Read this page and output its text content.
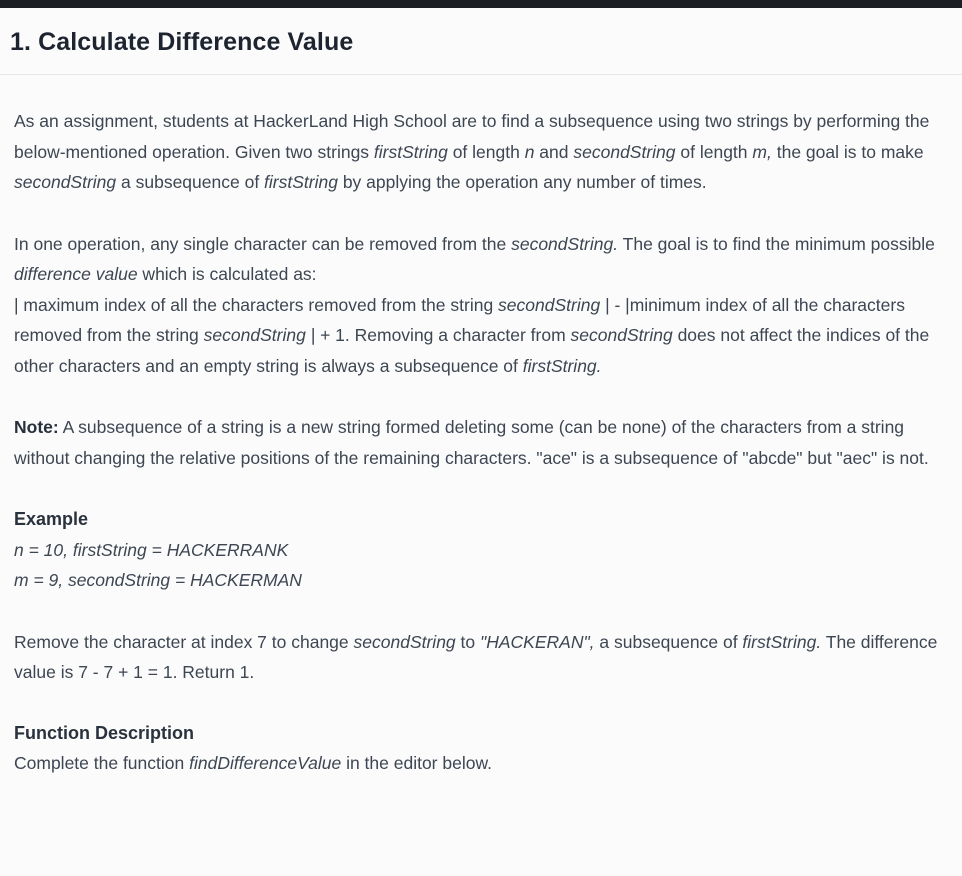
1. Calculate Difference Value

As an assignment, students at HackerLand High School are to find a subsequence using two strings by performing the below-mentioned operation. Given two strings firstString of length n and secondString of length m, the goal is to make secondString a subsequence of firstString by applying the operation any number of times.

In one operation, any single character can be removed from the secondString. The goal is to find the minimum possible difference value which is calculated as:
| maximum index of all the characters removed from the string secondString | - |minimum index of all the characters removed from the string secondString | + 1. Removing a character from secondString does not affect the indices of the other characters and an empty string is always a subsequence of firstString.

Note: A subsequence of a string is a new string formed deleting some (can be none) of the characters from a string without changing the relative positions of the remaining characters. "ace" is a subsequence of "abcde" but "aec" is not.

Example

n = 10, firstString = HACKERRANK

m = 9, secondString = HACKERMAN

Remove the character at index 7 to change secondString to "HACKERAN", a subsequence of firstString. The difference value is 7 - 7 + 1 = 1. Return 1.

Function Description

Complete the function findDifferenceValue in the editor below.
